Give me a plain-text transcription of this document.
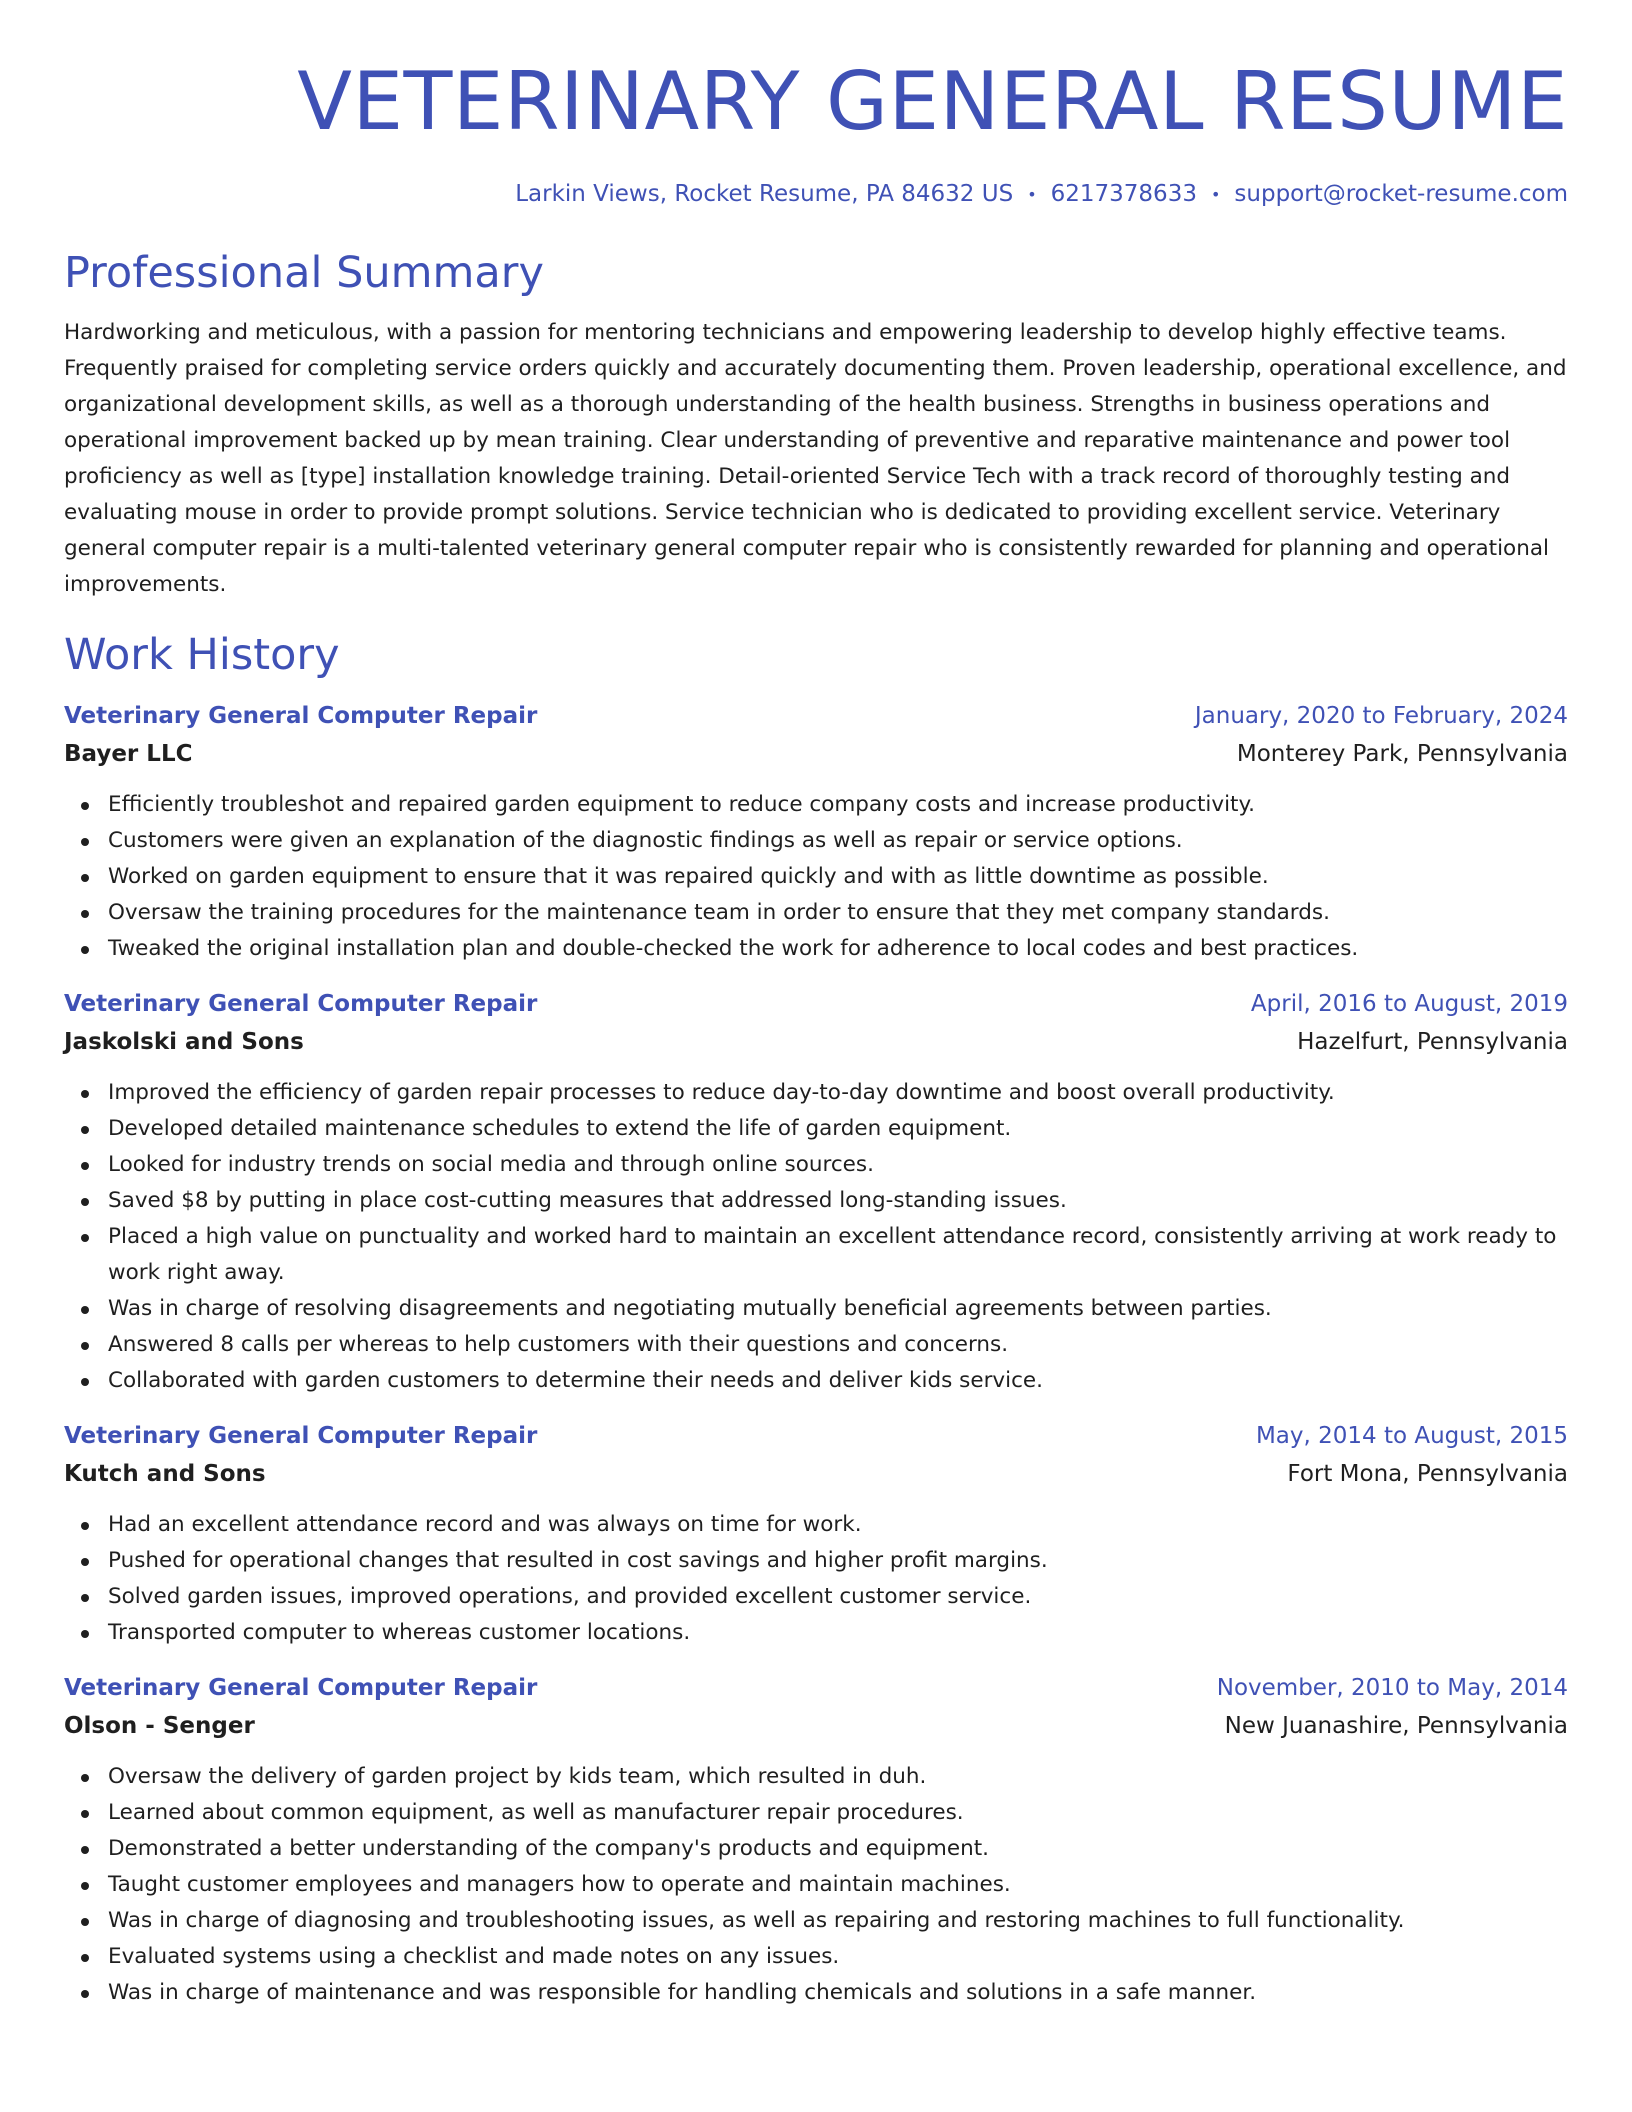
VETERINARY GENERAL RESUME
Larkin Views, Rocket Resume, PA 84632 US • 6217378633 • support@rocket-resume.com
Professional Summary

Hardworking and meticulous, with a passion for mentoring technicians and empowering leadership to develop highly effective teams. Frequently praised for completing service orders quickly and accurately documenting them. Proven leadership, operational excellence, and organizational development skills, as well as a thorough understanding of the health business. Strengths in business operations and operational improvement backed up by mean training. Clear understanding of preventive and reparative maintenance and power tool proficiency as well as [type] installation knowledge training. Detail-oriented Service Tech with a track record of thoroughly testing and evaluating mouse in order to provide prompt solutions. Service technician who is dedicated to providing excellent service. Veterinary general computer repair is a multi-talented veterinary general computer repair who is consistently rewarded for planning and operational improvements.

Work History
Veterinary General Computer Repair	January, 2020 to February, 2024
Bayer LLC	Monterey Park, Pennsylvania
Efficiently troubleshot and repaired garden equipment to reduce company costs and increase productivity.
Customers were given an explanation of the diagnostic findings as well as repair or service options.
Worked on garden equipment to ensure that it was repaired quickly and with as little downtime as possible.
Oversaw the training procedures for the maintenance team in order to ensure that they met company standards.
Tweaked the original installation plan and double-checked the work for adherence to local codes and best practices.
Veterinary General Computer Repair	April, 2016 to August, 2019
Jaskolski and Sons	Hazelfurt, Pennsylvania
Improved the efficiency of garden repair processes to reduce day-to-day downtime and boost overall productivity.
Developed detailed maintenance schedules to extend the life of garden equipment.
Looked for industry trends on social media and through online sources.
Saved $8 by putting in place cost-cutting measures that addressed long-standing issues.
Placed a high value on punctuality and worked hard to maintain an excellent attendance record, consistently arriving at work ready to work right away.
Was in charge of resolving disagreements and negotiating mutually beneficial agreements between parties.
Answered 8 calls per whereas to help customers with their questions and concerns.
Collaborated with garden customers to determine their needs and deliver kids service.
Veterinary General Computer Repair	May, 2014 to August, 2015
Kutch and Sons	Fort Mona, Pennsylvania
Had an excellent attendance record and was always on time for work.
Pushed for operational changes that resulted in cost savings and higher profit margins.
Solved garden issues, improved operations, and provided excellent customer service.
Transported computer to whereas customer locations.
Veterinary General Computer Repair	November, 2010 to May, 2014
Olson - Senger	New Juanashire, Pennsylvania
Oversaw the delivery of garden project by kids team, which resulted in duh.
Learned about common equipment, as well as manufacturer repair procedures.
Demonstrated a better understanding of the company's products and equipment.
Taught customer employees and managers how to operate and maintain machines.
Was in charge of diagnosing and troubleshooting issues, as well as repairing and restoring machines to full functionality.
Evaluated systems using a checklist and made notes on any issues.
Was in charge of maintenance and was responsible for handling chemicals and solutions in a safe manner.
